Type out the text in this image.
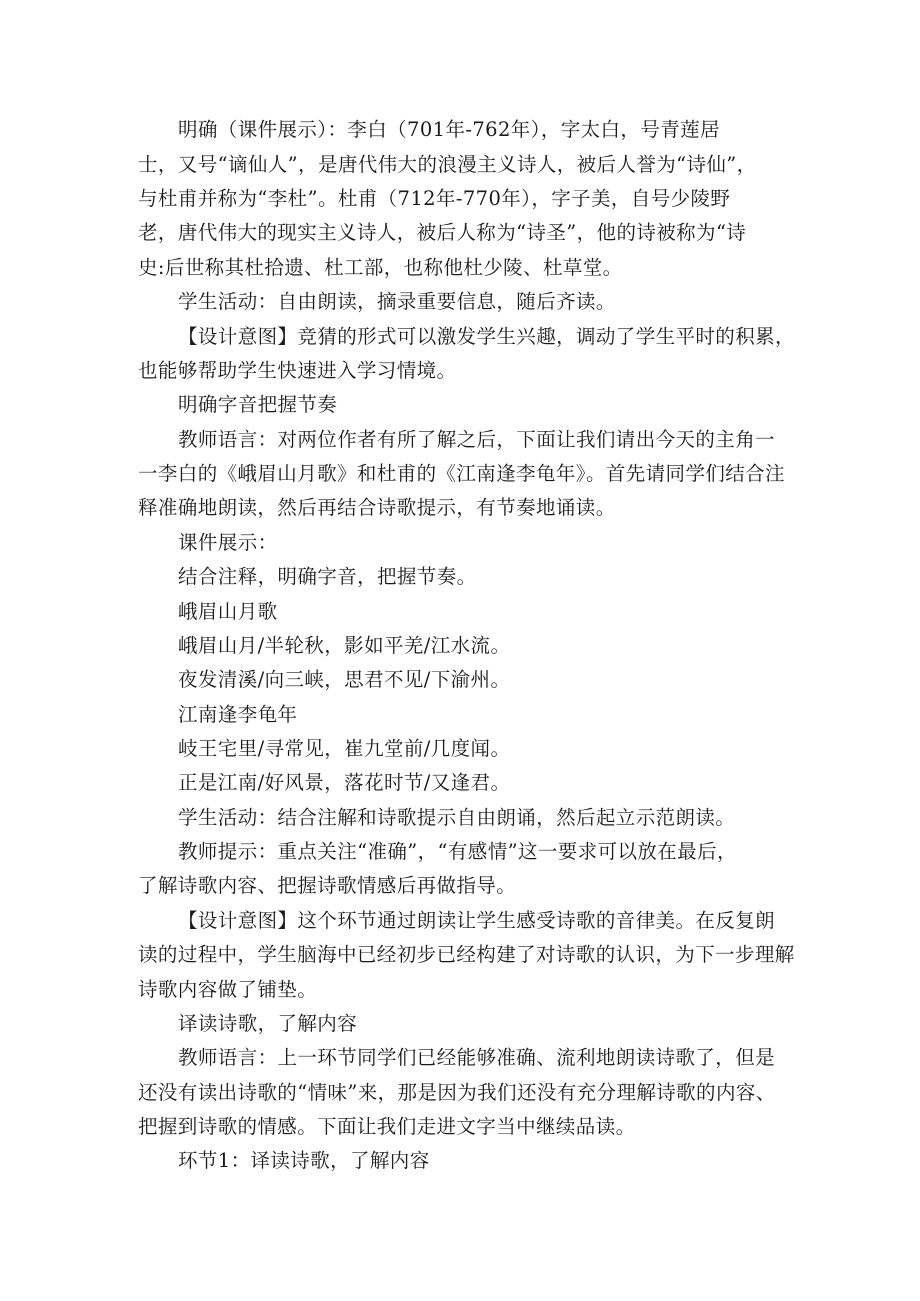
明确（课件展示）：李白（701年-762年），字太白，号青莲居
士，又号“谪仙人”，是唐代伟大的浪漫主义诗人，被后人誉为“诗仙”，
与杜甫并称为“李杜”。杜甫（712年-770年），字子美，自号少陵野
老，唐代伟大的现实主义诗人，被后人称为“诗圣”，他的诗被称为“诗
史:后世称其杜拾遗、杜工部，也称他杜少陵、杜草堂。
学生活动：自由朗读，摘录重要信息，随后齐读。
【设计意图】竞猜的形式可以激发学生兴趣，调动了学生平时的积累，
也能够帮助学生快速进入学习情境。
明确字音把握节奏
教师语言：对两位作者有所了解之后，下面让我们请出今天的主角一
一李白的《峨眉山月歌》和杜甫的《江南逢李龟年》。首先请同学们结合注
释准确地朗读，然后再结合诗歌提示，有节奏地诵读。
课件展示：
结合注释，明确字音，把握节奏。
峨眉山月歌
峨眉山月/半轮秋，影如平羌/江水流。
夜发清溪/向三峡，思君不见/下渝州。
江南逢李龟年
岐王宅里/寻常见，崔九堂前/几度闻。
正是江南/好风景，落花时节/又逢君。
学生活动：结合注解和诗歌提示自由朗诵，然后起立示范朗读。
教师提示：重点关注“准确”，“有感情”这一要求可以放在最后，
了解诗歌内容、把握诗歌情感后再做指导。
【设计意图】这个环节通过朗读让学生感受诗歌的音律美。在反复朗
读的过程中，学生脑海中已经初步已经构建了对诗歌的认识，为下一步理解
诗歌内容做了铺垫。
译读诗歌，了解内容
教师语言：上一环节同学们已经能够准确、流利地朗读诗歌了，但是
还没有读出诗歌的“情味”来，那是因为我们还没有充分理解诗歌的内容、
把握到诗歌的情感。下面让我们走进文字当中继续品读。
环节1：译读诗歌，了解内容
